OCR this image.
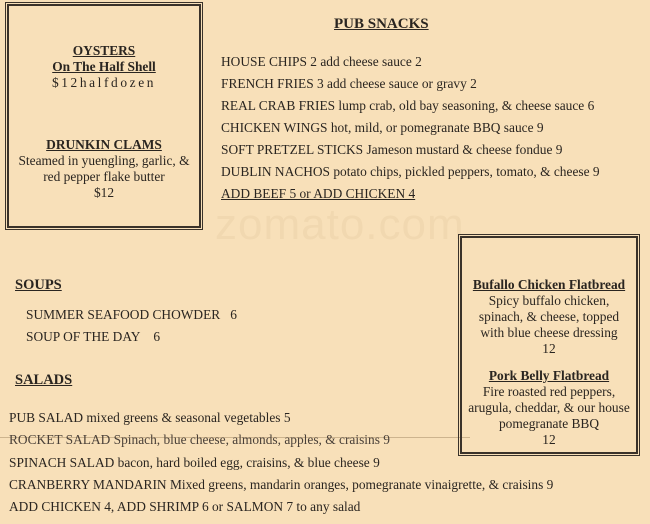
zomato.com
OYSTERS
On The Half Shell
$12halfdozen
DRUNKIN CLAMS
Steamed in yuengling, garlic, &
red pepper flake butter
$12
PUB SNACKS
HOUSE CHIPS 2 add cheese sauce 2
FRENCH FRIES 3 add cheese sauce or gravy 2
REAL CRAB FRIES lump crab, old bay seasoning, & cheese sauce 6
CHICKEN WINGS hot, mild, or pomegranate BBQ sauce 9
SOFT PRETZEL STICKS Jameson mustard & cheese fondue 9
DUBLIN NACHOS potato chips, pickled peppers, tomato, & cheese 9
ADD BEEF 5 or ADD CHICKEN 4
SOUPS
SUMMER SEAFOOD CHOWDER   6
SOUP OF THE DAY    6
SALADS
PUB SALAD mixed greens & seasonal vegetables 5
ROCKET SALAD Spinach, blue cheese, almonds, apples, & craisins 9
SPINACH SALAD bacon, hard boiled egg, craisins, & blue cheese 9
CRANBERRY MANDARIN Mixed greens, mandarin oranges, pomegranate vinaigrette, & craisins 9
ADD CHICKEN 4, ADD SHRIMP 6 or SALMON 7 to any salad
Bufallo Chicken Flatbread
Spicy buffalo chicken,
spinach, & cheese, topped
with blue cheese dressing
12
Pork Belly Flatbread
Fire roasted red peppers,
arugula, cheddar, & our house
pomegranate BBQ
12
